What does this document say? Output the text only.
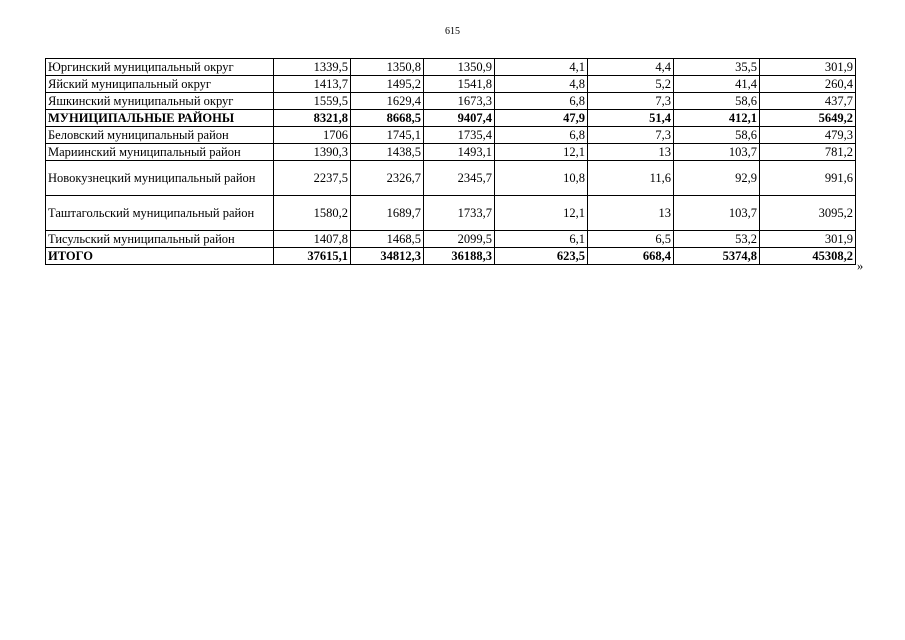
615
Юргинский муниципальный округ	1339,5	1350,8	1350,9	4,1	4,4	35,5	301,9
Яйский муниципальный округ	1413,7	1495,2	1541,8	4,8	5,2	41,4	260,4
Яшкинский муниципальный округ	1559,5	1629,4	1673,3	6,8	7,3	58,6	437,7
МУНИЦИПАЛЬНЫЕ РАЙОНЫ	8321,8	8668,5	9407,4	47,9	51,4	412,1	5649,2
Беловский муниципальный район	1706	1745,1	1735,4	6,8	7,3	58,6	479,3
Мариинский муниципальный район	1390,3	1438,5	1493,1	12,1	13	103,7	781,2
Новокузнецкий муниципальный район	2237,5	2326,7	2345,7	10,8	11,6	92,9	991,6
Таштагольский муниципальный район	1580,2	1689,7	1733,7	12,1	13	103,7	3095,2
Тисульский муниципальный район	1407,8	1468,5	2099,5	6,1	6,5	53,2	301,9
ИТОГО	37615,1	34812,3	36188,3	623,5	668,4	5374,8	45308,2
»
